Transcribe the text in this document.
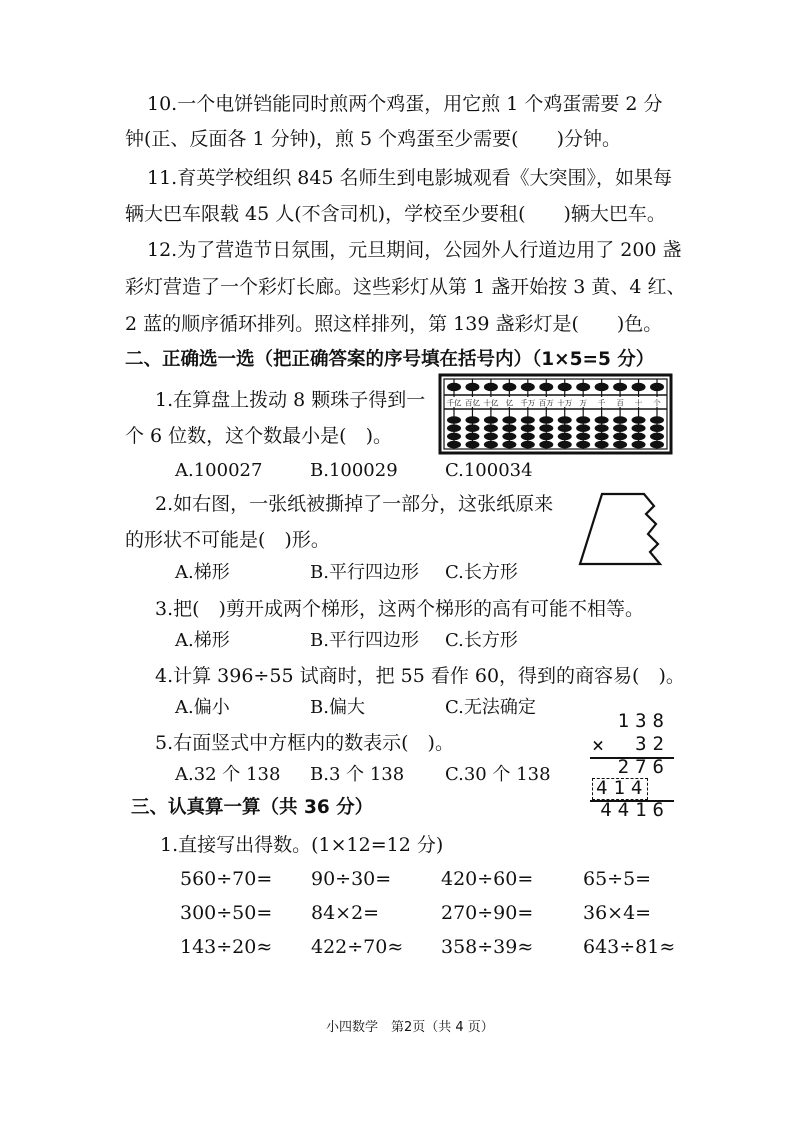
10.一个电饼铛能同时煎两个鸡蛋，用它煎 1 个鸡蛋需要 2 分
钟(正、反面各 1 分钟)，煎 5 个鸡蛋至少需要(　　)分钟。
11.育英学校组织 845 名师生到电影城观看《大突围》，如果每
辆大巴车限载 45 人(不含司机)，学校至少要租(　　)辆大巴车。
12.为了营造节日氛围，元旦期间，公园外人行道边用了 200 盏
彩灯营造了一个彩灯长廊。这些彩灯从第 1 盏开始按 3 黄、4 红、
2 蓝的顺序循环排列。照这样排列，第 139 盏彩灯是(　　)色。
二、正确选一选（把正确答案的序号填在括号内）（1×5=5 分）
1.在算盘上拨动 8 颗珠子得到一
个 6 位数，这个数最小是(　)。
A.100027	B.100029	C.100034
千亿 百亿 十亿 亿 千万 百万 十万 万 千 百 十 个
2.如右图，一张纸被撕掉了一部分，这张纸原来
的形状不可能是(　)形。
A.梯形	B.平行四边形 C.长方形
3.把(　)剪开成两个梯形，这两个梯形的高有可能不相等。
A.梯形	B.平行四边形 C.长方形
4.计算 396÷55 试商时，把 55 看作 60，得到的商容易(　)。
A.偏小	B.偏大	C.无法确定
5.右面竖式中方框内的数表示(　)。
A.32 个 138 B.3 个 138 C.30 个 138
138
× 32
276
414
4416
三、认真算一算（共 36 分）
1.直接写出得数。(1×12=12 分)
560÷70= 90÷30=	420÷60=	65÷5=
300÷50= 84×2=	270÷90=	36×4=
143÷20≈ 422÷70≈ 358÷39≈	643÷81≈
小四数学　第2页（共 4 页）
